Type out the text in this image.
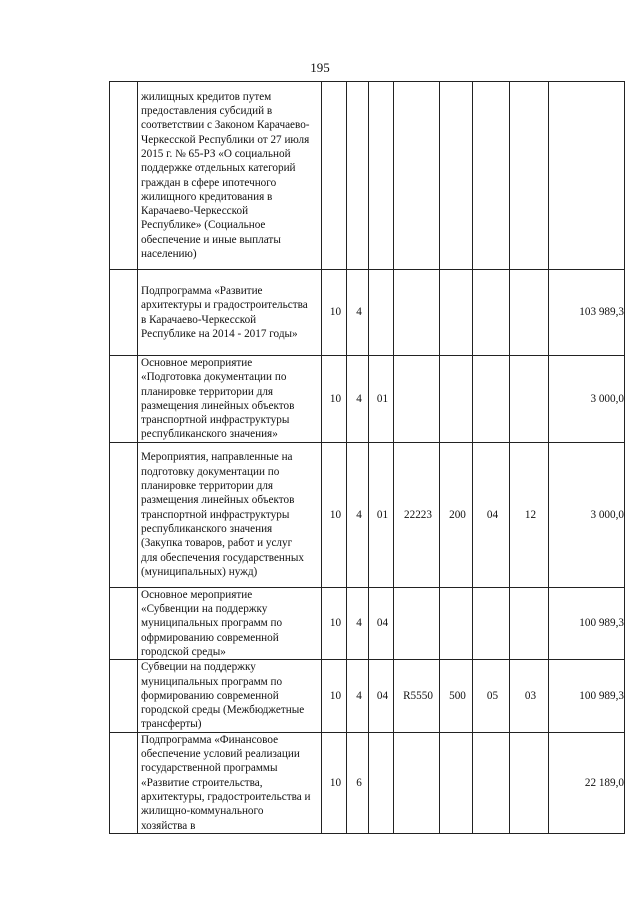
195

	жилищных кредитов путем предоставления субсидий в соответствии с Законом Карачаево-Черкесской Республики от 27 июля 2015 г. № 65-РЗ «О социальной поддержке отдельных категорий граждан в сфере ипотечного жилищного кредитования в Карачаево-Черкесской Республике» (Социальное обеспечение и иные выплаты населению)								

	Подпрограмма «Развитие архитектуры и градостроительства в Карачаево-Черкесской Республике на 2014 - 2017 годы»	10	4						103 989,3

	Основное мероприятие «Подготовка документации по планировке территории для размещения линейных объектов транспортной инфраструктуры республиканского значения»	10	4	01					3 000,0

	Мероприятия, направленные на подготовку документации по планировке территории для размещения линейных объектов транспортной инфраструктуры республиканского значения (Закупка товаров, работ и услуг для обеспечения государственных (муниципальных) нужд)	10	4	01	22223	200	04	12	3 000,0

	Основное мероприятие «Субвенции на поддержку муниципальных программ по офрмированию современной городской среды»	10	4	04					100 989,3

	Субвеции на поддержку муниципальных программ по формированию современной городской среды (Межбюджетные трансферты)	10	4	04	R5550	500	05	03	100 989,3

	Подпрограмма «Финансовое обеспечение условий реализации государственной программы «Развитие строительства, архитектуры, градостроительства и жилищно-коммунального хозяйства в	10	6						22 189,0
